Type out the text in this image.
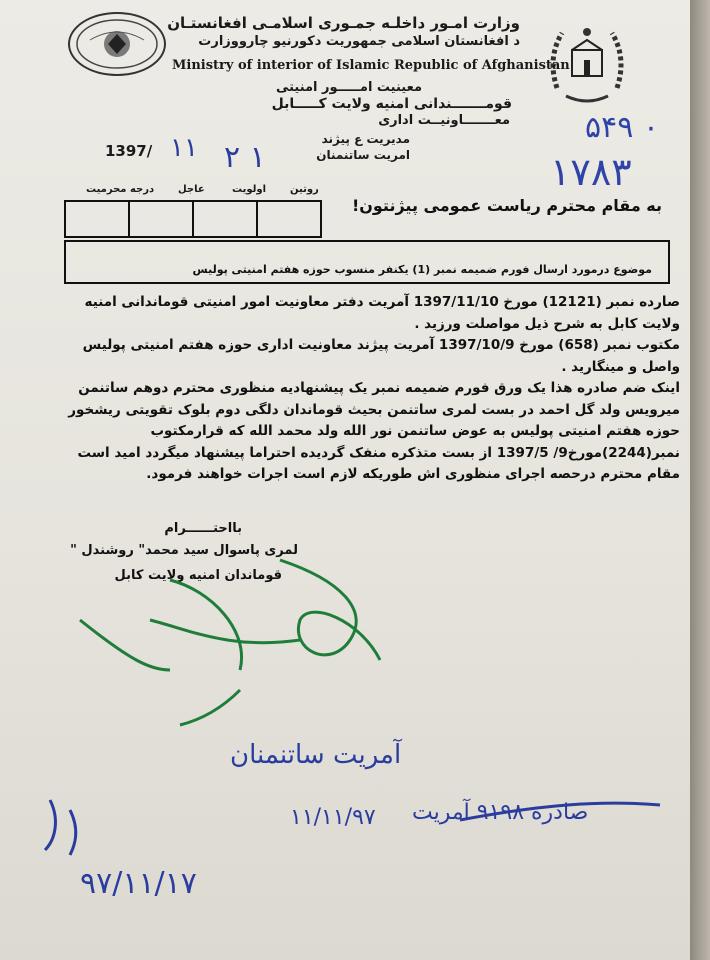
وزارت امـور داخلـه جمـوری اسلامـی افغانستـان
د افغانستان اسلامی جمهوریت دکورنیو چارووزارت
Ministry of interior of Islamic Republic of Afghanistan
معینیت امـــــور امنیتی
قومـــــــندانی امنیه ولایت کـــــابل
معـــــــاونیــت اداری
مدیریت ع پیژند
امریت ساتنمنان
1397/ ۱۱ ۲ ۱
۵۴۹ ۰
۱۷۸۳
درجه محرمیت عاجل	اولویت روتین
به مقام محترم ریاست عمومی پیژنتون!
موضوع درمورد ارسال فورم ضمیمه نمبر (1) یکنفر منسوب حوزه هفتم امنیتی پولیس

صارده نمبر (12121) مورخ 1397/11/10 آمریت دفتر معاونیت امور امنیتی قوماندانی امنیه ولایت کابل به شرح ذیل مواصلت ورزید .

مکتوب نمبر (658) مورخ 1397/10/9 آمریت پیژند معاونیت اداری حوزه هفتم امنیتی پولیس واصل و مینگارید .

اینک ضم صادره هذا یک ورق فورم ضمیمه نمبر یک پیشنهادیه منظوری محترم دوهم ساتنمن میرویس ولد گل احمد در بست لمری ساتنمن بحیث قوماندان دلگی دوم بلوک تقویتی ریشخور حوزه هفتم امنیتی پولیس به عوض ساتنمن نور الله ولد محمد الله که قرارمکتوب نمبر(2244)مورخ9/ 1397/5 از بست متذکره منفک گردیده احتراما پیشنهاد میگردد امید است مقام محترم درحصه اجرای منظوری اش طوریکه لازم است اجرات خواهند فرمود.

بااحتــــــرام
لمری پاسوال سید محمد" روشندل "
قوماندان امنیه ولایت کابل
آمریت ساتنمنان
۱۱/۱۱/۹۷ صادره ۹۱۹۸ آمریت
۹۷/۱۱/۱۷
